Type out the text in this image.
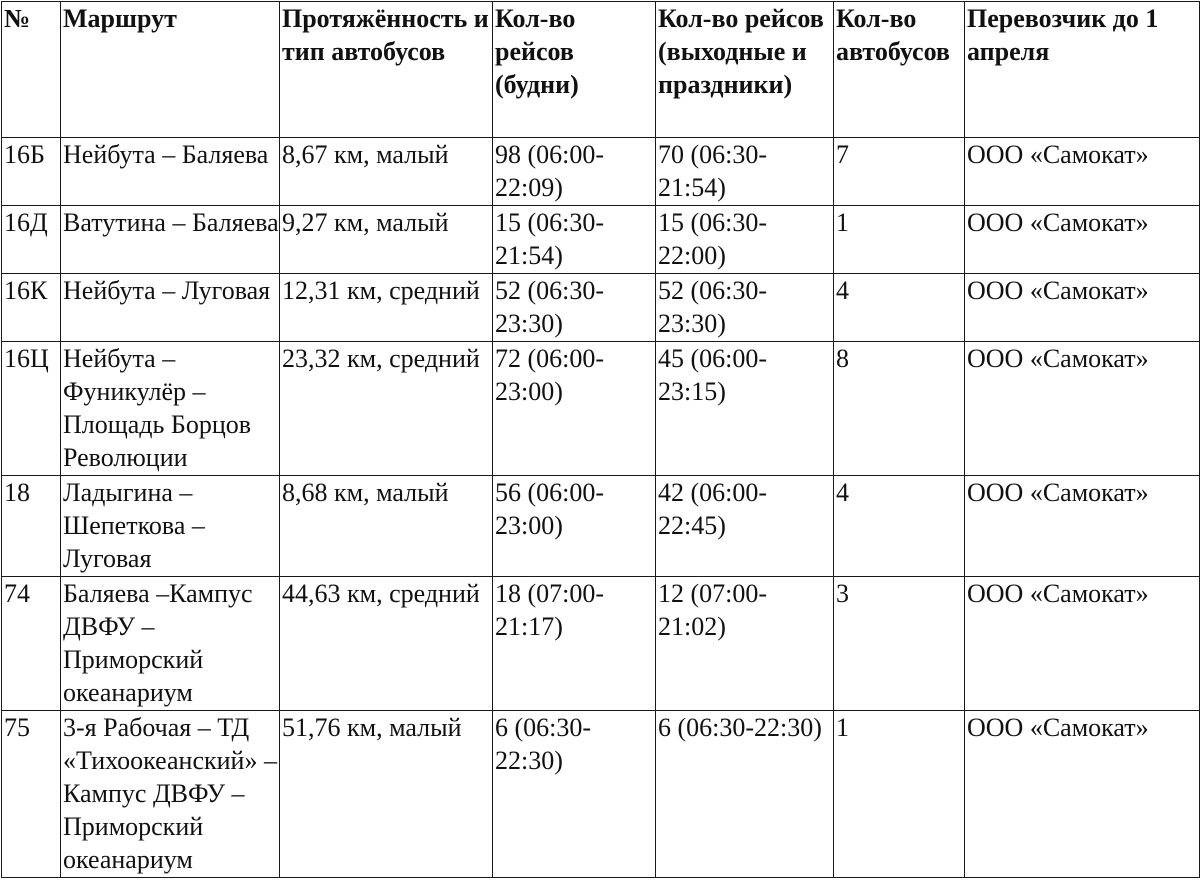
№	Маршрут	Протяжённость и тип автобусов	Кол-во рейсов (будни)	Кол-во рейсов (выходные и праздники)	Кол-во автобусов	Перевозчик до 1 апреля
16Б	Нейбута – Баляева	8,67 км, малый	98 (06:00-22:09)	70 (06:30-21:54)	7	ООО «Самокат»
16Д	Ватутина – Баляева	9,27 км, малый	15 (06:30-21:54)	15 (06:30-22:00)	1	ООО «Самокат»
16К	Нейбута – Луговая	12,31 км, средний	52 (06:30-23:30)	52 (06:30-23:30)	4	ООО «Самокат»
16Ц	Нейбута – Фуникулёр – Площадь Борцов Революции	23,32 км, средний	72 (06:00-23:00)	45 (06:00-23:15)	8	ООО «Самокат»
18	Ладыгина – Шепеткова – Луговая	8,68 км, малый	56 (06:00-23:00)	42 (06:00-22:45)	4	ООО «Самокат»
74	Баляева –Кампус ДВФУ – Приморский океанариум	44,63 км, средний	18 (07:00-21:17)	12 (07:00-21:02)	3	ООО «Самокат»
75	3-я Рабочая – ТД «Тихоокеанский» – Кампус ДВФУ – Приморский океанариум	51,76 км, малый	6 (06:30-22:30)	6 (06:30-22:30)	1	ООО «Самокат»
